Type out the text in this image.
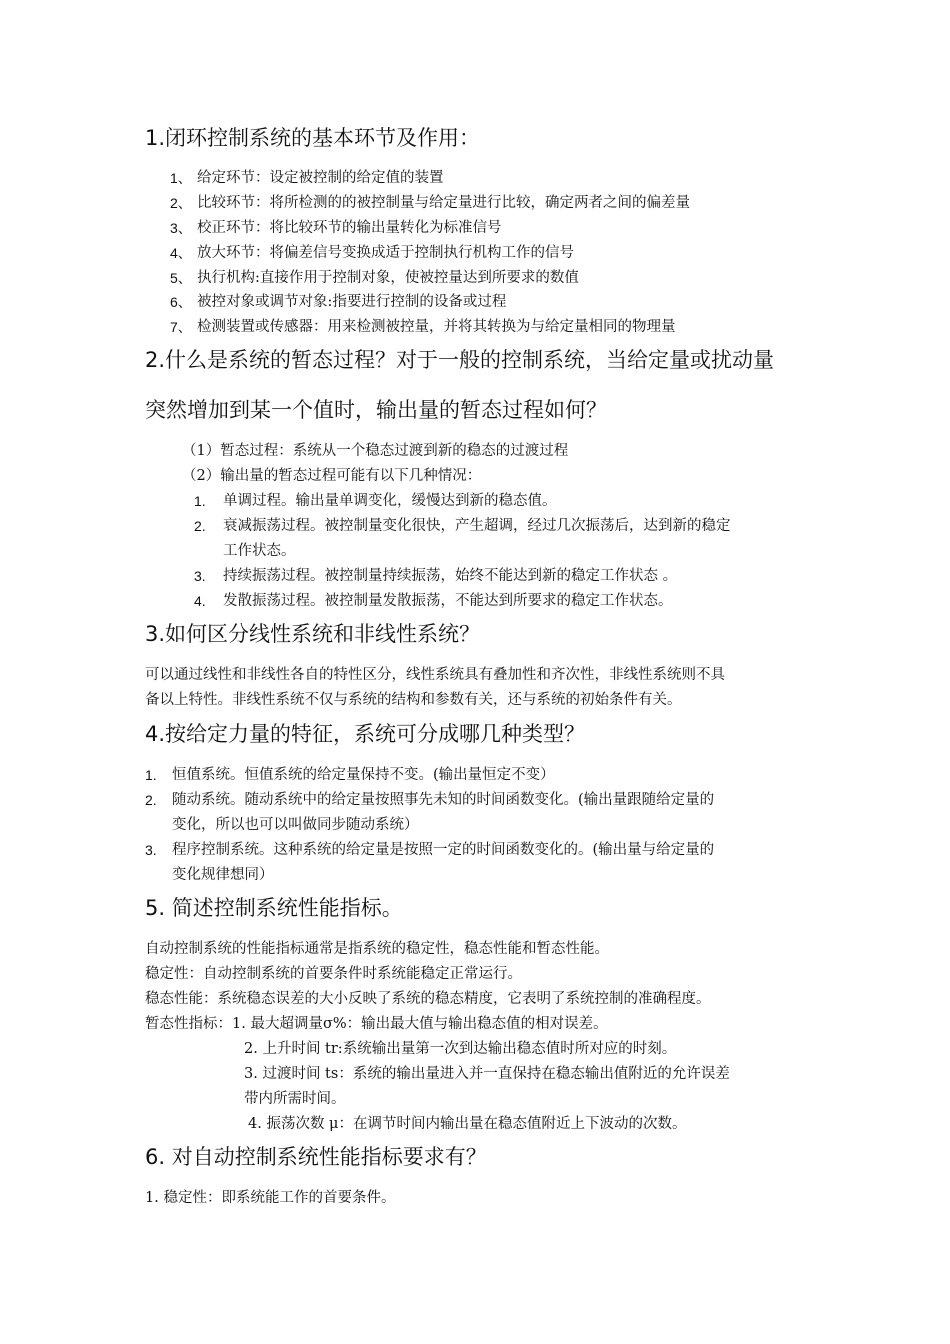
1.闭环控制系统的基本环节及作用：
1、 给定环节：设定被控制的给定值的装置
2、 比较环节：将所检测的的被控制量与给定量进行比较，确定两者之间的偏差量
3、 校正环节：将比较环节的输出量转化为标准信号
4、 放大环节：将偏差信号变换成适于控制执行机构工作的信号
5、 执行机构:直接作用于控制对象，使被控量达到所要求的数值
6、 被控对象或调节对象:指要进行控制的设备或过程
7、 检测装置或传感器：用来检测被控量，并将其转换为与给定量相同的物理量
2.什么是系统的暂态过程？对于一般的控制系统，当给定量或扰动量
突然增加到某一个值时，输出量的暂态过程如何？
（1）暂态过程：系统从一个稳态过渡到新的稳态的过渡过程
（2）输出量的暂态过程可能有以下几种情况：
1. 单调过程。输出量单调变化，缓慢达到新的稳态值。
2. 衰减振荡过程。被控制量变化很快，产生超调，经过几次振荡后，达到新的稳定
工作状态。
3. 持续振荡过程。被控制量持续振荡，始终不能达到新的稳定工作状态 。
4. 发散振荡过程。被控制量发散振荡，不能达到所要求的稳定工作状态。
3.如何区分线性系统和非线性系统？
可以通过线性和非线性各自的特性区分，线性系统具有叠加性和齐次性，非线性系统则不具
备以上特性。非线性系统不仅与系统的结构和参数有关，还与系统的初始条件有关。
4.按给定力量的特征，系统可分成哪几种类型？
1. 恒值系统。恒值系统的给定量保持不变。(输出量恒定不变）
2. 随动系统。随动系统中的给定量按照事先未知的时间函数变化。(输出量跟随给定量的
变化，所以也可以叫做同步随动系统）
3. 程序控制系统。这种系统的给定量是按照一定的时间函数变化的。(输出量与给定量的
变化规律想同）
5. 简述控制系统性能指标。
自动控制系统的性能指标通常是指系统的稳定性，稳态性能和暂态性能。
稳定性：自动控制系统的首要条件时系统能稳定正常运行。
稳态性能：系统稳态误差的大小反映了系统的稳态精度，它表明了系统控制的准确程度。
暂态性指标：1. 最大超调量σ%：输出最大值与输出稳态值的相对误差。
2. 上升时间 tr:系统输出量第一次到达输出稳态值时所对应的时刻。
3. 过渡时间 ts：系统的输出量进入并一直保持在稳态输出值附近的允许误差
带内所需时间。
4. 振荡次数 μ：在调节时间内输出量在稳态值附近上下波动的次数。
6. 对自动控制系统性能指标要求有？
1. 稳定性：即系统能工作的首要条件。
